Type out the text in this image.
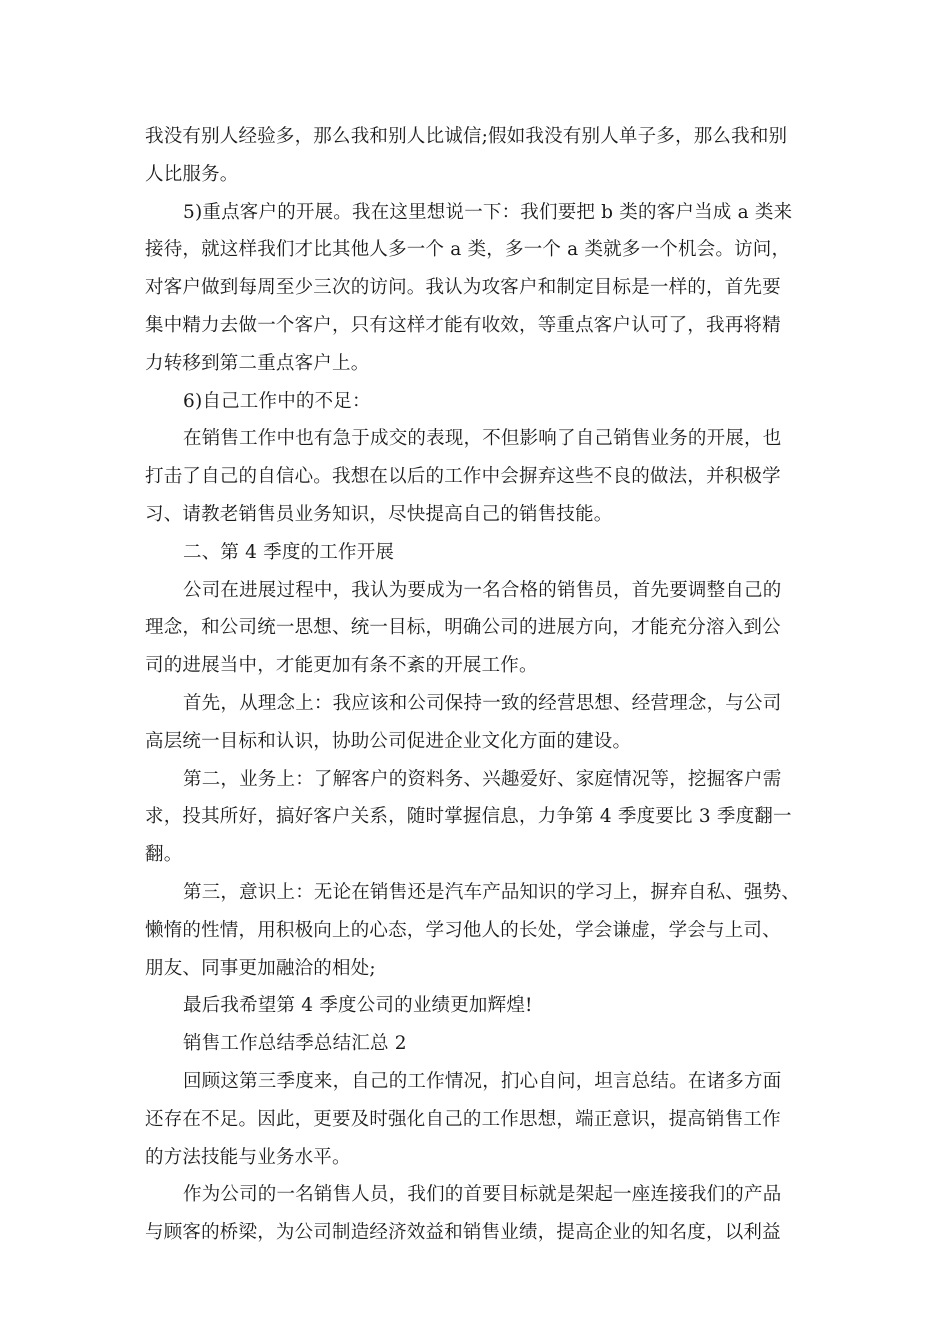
我没有别人经验多，那么我和别人比诚信;假如我没有别人单子多，那么我和别

人比服务。

5)重点客户的开展。我在这里想说一下：我们要把 b 类的客户当成 a 类来

接待，就这样我们才比其他人多一个 a 类，多一个 a 类就多一个机会。访问，

对客户做到每周至少三次的访问。我认为攻客户和制定目标是一样的，首先要

集中精力去做一个客户，只有这样才能有收效，等重点客户认可了，我再将精

力转移到第二重点客户上。

6)自己工作中的不足：

在销售工作中也有急于成交的表现，不但影响了自己销售业务的开展，也

打击了自己的自信心。我想在以后的工作中会摒弃这些不良的做法，并积极学

习、请教老销售员业务知识，尽快提高自己的销售技能。

二、第 4 季度的工作开展

公司在进展过程中，我认为要成为一名合格的销售员，首先要调整自己的

理念，和公司统一思想、统一目标，明确公司的进展方向，才能充分溶入到公

司的进展当中，才能更加有条不紊的开展工作。

首先，从理念上：我应该和公司保持一致的经营思想、经营理念，与公司

高层统一目标和认识，协助公司促进企业文化方面的建设。

第二，业务上：了解客户的资料务、兴趣爱好、家庭情况等，挖掘客户需

求，投其所好，搞好客户关系，随时掌握信息，力争第 4 季度要比 3 季度翻一

翻。

第三，意识上：无论在销售还是汽车产品知识的学习上，摒弃自私、强势、

懒惰的性情，用积极向上的心态，学习他人的长处，学会谦虚，学会与上司、

朋友、同事更加融洽的相处;

最后我希望第 4 季度公司的业绩更加辉煌!

销售工作总结季总结汇总 2

回顾这第三季度来，自己的工作情况，扪心自问，坦言总结。在诸多方面

还存在不足。因此，更要及时强化自己的工作思想，端正意识，提高销售工作

的方法技能与业务水平。

作为公司的一名销售人员，我们的首要目标就是架起一座连接我们的产品

与顾客的桥梁，为公司制造经济效益和销售业绩，提高企业的知名度，以利益
